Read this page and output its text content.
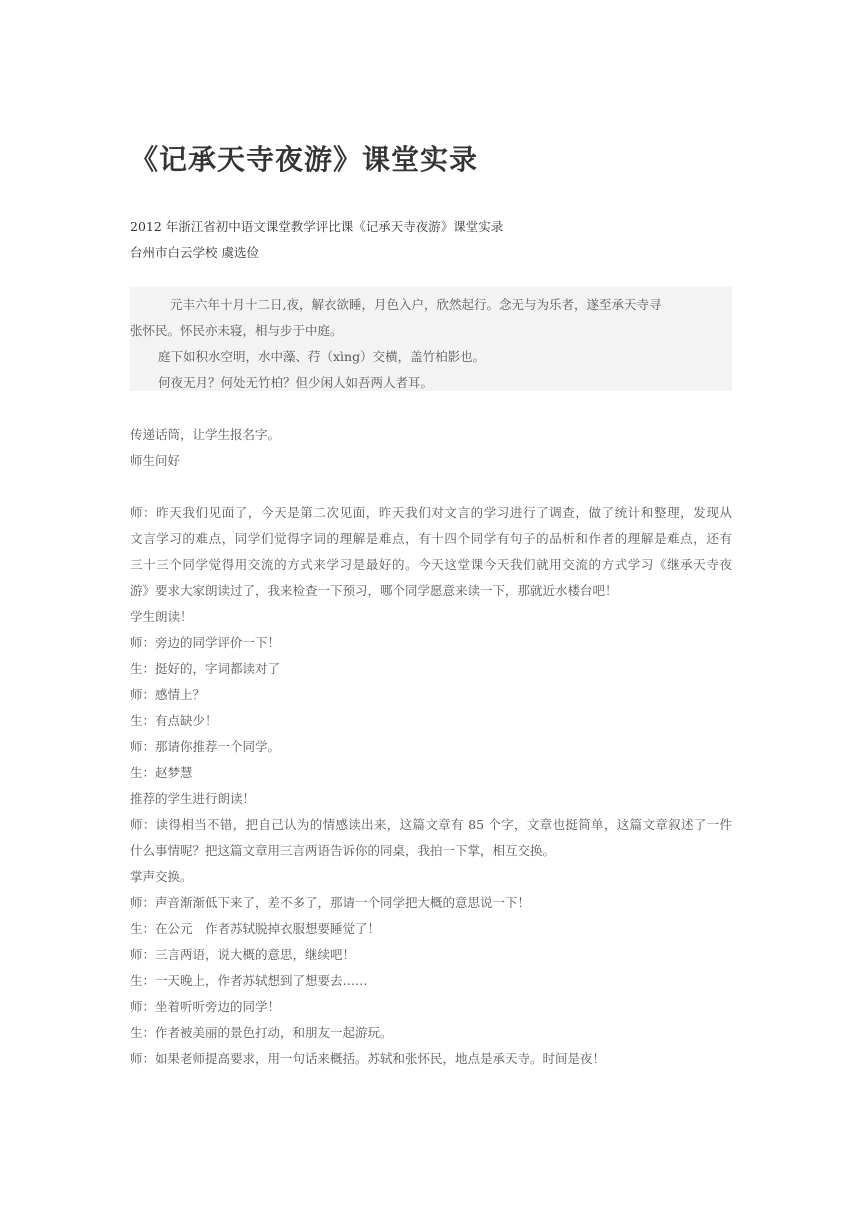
《记承天寺夜游》课堂实录
2012 年浙江省初中语文课堂教学评比课《记承天寺夜游》课堂实录
台州市白云学校 虞选俭

元丰六年十月十二日,夜，解衣欲睡，月色入户，欣然起行。念无与为乐者，遂至承天寺寻

张怀民。怀民亦未寝，相与步于中庭。

庭下如积水空明，水中藻、荇（xìng）交横，盖竹柏影也。

何夜无月？何处无竹柏？但少闲人如吾两人者耳。

传递话筒，让学生报名字。
师生问好
师：昨天我们见面了，今天是第二次见面，昨天我们对文言的学习进行了调查，做了统计和整理，发现从
文言学习的难点，同学们觉得字词的理解是难点，有十四个同学有句子的品析和作者的理解是难点，还有
三十三个同学觉得用交流的方式来学习是最好的。今天这堂课今天我们就用交流的方式学习《继承天寺夜
游》要求大家朗读过了，我来检查一下预习，哪个同学愿意来读一下，那就近水楼台吧！
学生朗读！
师：旁边的同学评价一下！
生：挺好的，字词都读对了
师：感情上？
生：有点缺少！
师：那请你推荐一个同学。
生：赵梦慧
推荐的学生进行朗读！
师：读得相当不错，把自己认为的情感读出来，这篇文章有 85 个字，文章也挺简单，这篇文章叙述了一件
什么事情呢？把这篇文章用三言两语告诉你的同桌，我拍一下掌，相互交换。
掌声交换。
师：声音渐渐低下来了，差不多了，那请一个同学把大概的意思说一下！
生：在公元　作者苏轼脱掉衣服想要睡觉了！
师：三言两语，说大概的意思，继续吧！
生：一天晚上，作者苏轼想到了想要去……
师：坐着听听旁边的同学！
生：作者被美丽的景色打动，和朋友一起游玩。
师：如果老师提高要求，用一句话来概括。苏轼和张怀民，地点是承天寺。时间是夜！
